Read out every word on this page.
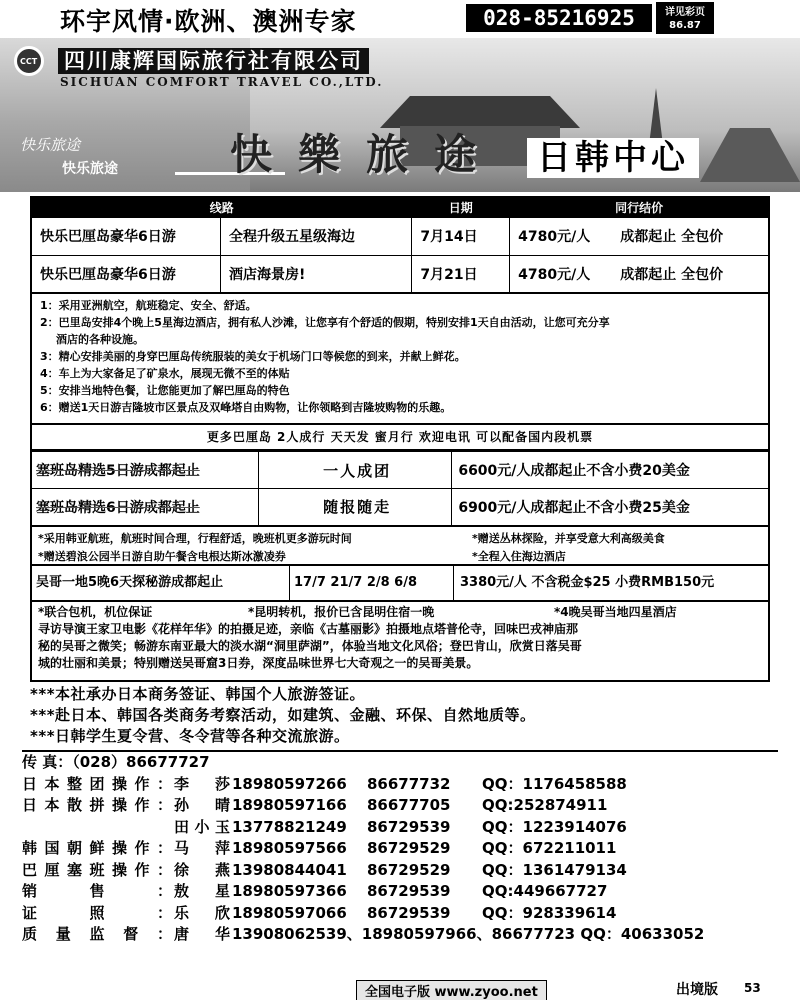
环宇风情·欧洲、澳洲专家	028-85216925	详见彩页
86.87
CCT
四川康辉国际旅行社有限公司
SICHUAN COMFORT TRAVEL CO.,LTD.
快乐旅途
快乐旅途	快樂旅途 日韩中心
线路		日期	同行结价
快乐巴厘岛豪华6日游	全程升级五星级海边	7月14日	4780元/人 成都起止 全包价
快乐巴厘岛豪华6日游	酒店海景房!	7月21日	4780元/人 成都起止 全包价
1：采用亚洲航空，航班稳定、安全、舒适。
2：巴里岛安排4个晚上5星海边酒店，拥有私人沙滩，让您享有个舒适的假期，特别安排1天自由活动，让您可充分享
酒店的各种设施。
3：精心安排美丽的身穿巴厘岛传统服装的美女于机场门口等候您的到来，并献上鲜花。
4：车上为大家备足了矿泉水，展现无微不至的体贴
5：安排当地特色餐，让您能更加了解巴厘岛的特色
6：赠送1天日游吉隆坡市区景点及双峰塔自由购物，让你领略到吉隆坡购物的乐趣。
更多巴厘岛 2人成行 天天发 蜜月行 欢迎电讯 可以配备国内段机票
塞班岛精选5日游成都起止	一人成团	6600元/人成都起止不含小费20美金
塞班岛精选6日游成都起止	随报随走	6900元/人成都起止不含小费25美金
*采用韩亚航班，航班时间合理，行程舒适，晚班机更多游玩时间	*赠送丛林探险，并享受意大利高级美食
*赠送碧浪公园半日游自助午餐含电根达斯冰激凌券	*全程入住海边酒店
吴哥一地5晚6天探秘游成都起止	17/7 21/7 2/8 6/8	3380元/人 不含税金$25 小费RMB150元
*联合包机，机位保证	*昆明转机，报价已含昆明住宿一晚	*4晚吴哥当地四星酒店
寻访导演王家卫电影《花样年华》的拍摄足迹，亲临《古墓丽影》拍摄地点塔普伦寺，回味巴戎神庙那
秘的吴哥之微笑；畅游东南亚最大的淡水湖“洞里萨湖”，体验当地文化风俗；登巴肯山，欣赏日落吴哥
城的壮丽和美景；特别赠送吴哥窟3日券，深度品味世界七大奇观之一的吴哥美景。
***本社承办日本商务签证、韩国个人旅游签证。
***赴日本、韩国各类商务考察活动，如建筑、金融、环保、自然地质等。
***日韩学生夏令营、冬令营等各种交流旅游。
传 真：（028）86677727
日本整团操作： 李莎 18980597266 86677732 QQ：1176458588
日本散拼操作： 孙晴 18980597166 86677705 QQ:252874911
田小玉 13778821249 86729539 QQ：1223914076
韩国朝鲜操作： 马萍 18980597566 86729529 QQ：672211011
巴厘塞班操作： 徐燕 13980844041 86729529 QQ：1361479134
销售： 敖星 18980597366 86729539 QQ:449667727
证照： 乐欣 18980597066 86729539 QQ：928339614
质量监督： 唐华 13908062539、18980597966、86677723 QQ：40633052
全国电子版 www.zyoo.net	出境版 53
